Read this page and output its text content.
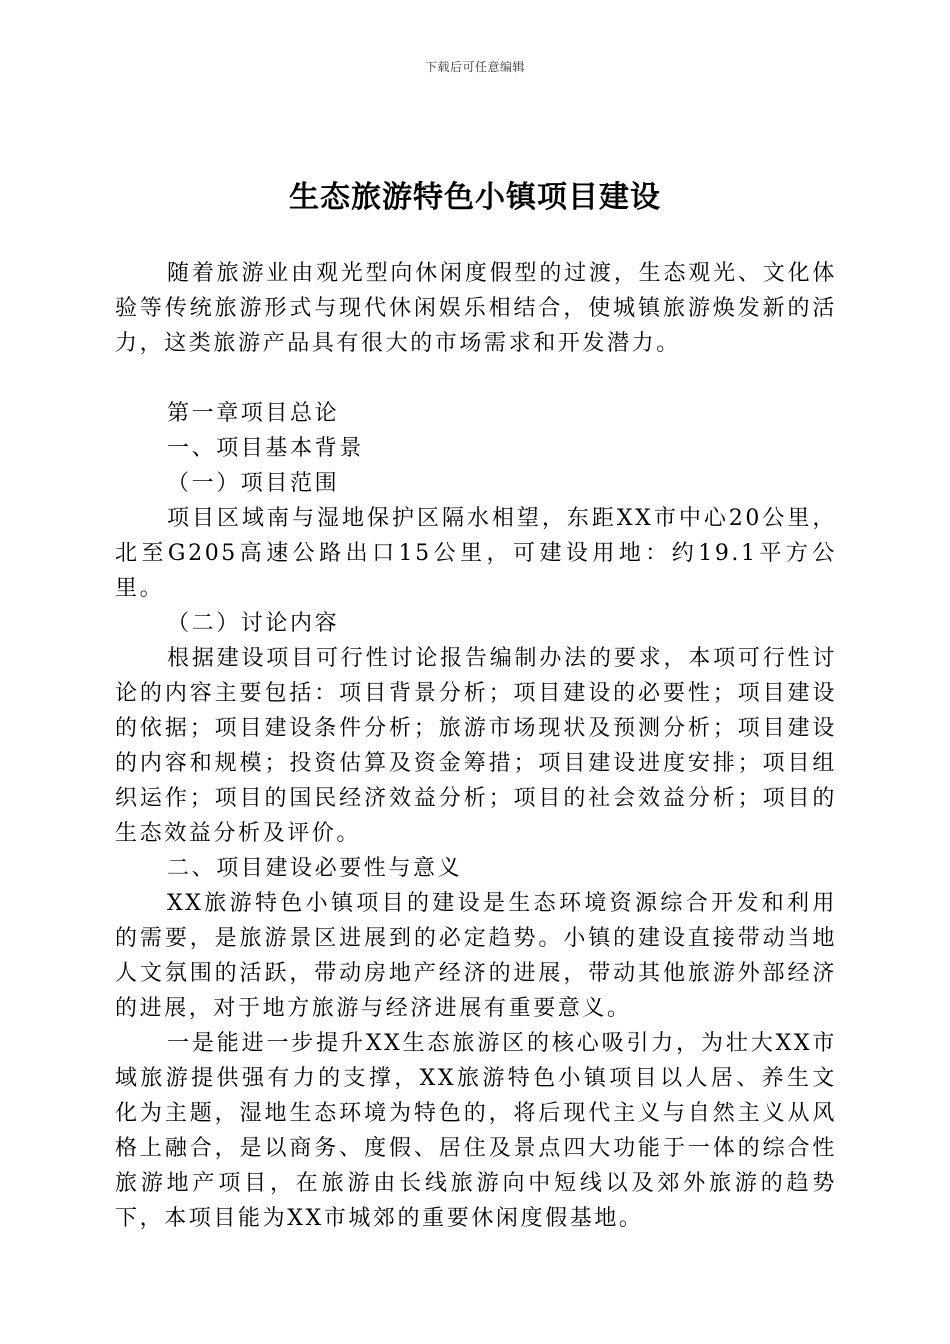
下载后可任意编辑
生态旅游特色小镇项目建设

随着旅游业由观光型向休闲度假型的过渡，生态观光、文化体验等传统旅游形式与现代休闲娱乐相结合，使城镇旅游焕发新的活力，这类旅游产品具有很大的市场需求和开发潜力。

第一章项目总论

一、项目基本背景

（一）项目范围

项目区域南与湿地保护区隔水相望，东距XX市中心20公里，北至G205高速公路出口15公里，可建设用地：约19.1平方公里。

（二）讨论内容

根据建设项目可行性讨论报告编制办法的要求，本项可行性讨论的内容主要包括：项目背景分析；项目建设的必要性；项目建设的依据；项目建设条件分析；旅游市场现状及预测分析；项目建设的内容和规模；投资估算及资金筹措；项目建设进度安排；项目组织运作；项目的国民经济效益分析；项目的社会效益分析；项目的生态效益分析及评价。

二、项目建设必要性与意义

XX旅游特色小镇项目的建设是生态环境资源综合开发和利用的需要，是旅游景区进展到的必定趋势。小镇的建设直接带动当地人文氛围的活跃，带动房地产经济的进展，带动其他旅游外部经济的进展，对于地方旅游与经济进展有重要意义。

一是能进一步提升XX生态旅游区的核心吸引力，为壮大XX市域旅游提供强有力的支撑，XX旅游特色小镇项目以人居、养生文化为主题，湿地生态环境为特色的，将后现代主义与自然主义从风格上融合，是以商务、度假、居住及景点四大功能于一体的综合性旅游地产项目，在旅游由长线旅游向中短线以及郊外旅游的趋势下，本项目能为XX市城郊的重要休闲度假基地。
